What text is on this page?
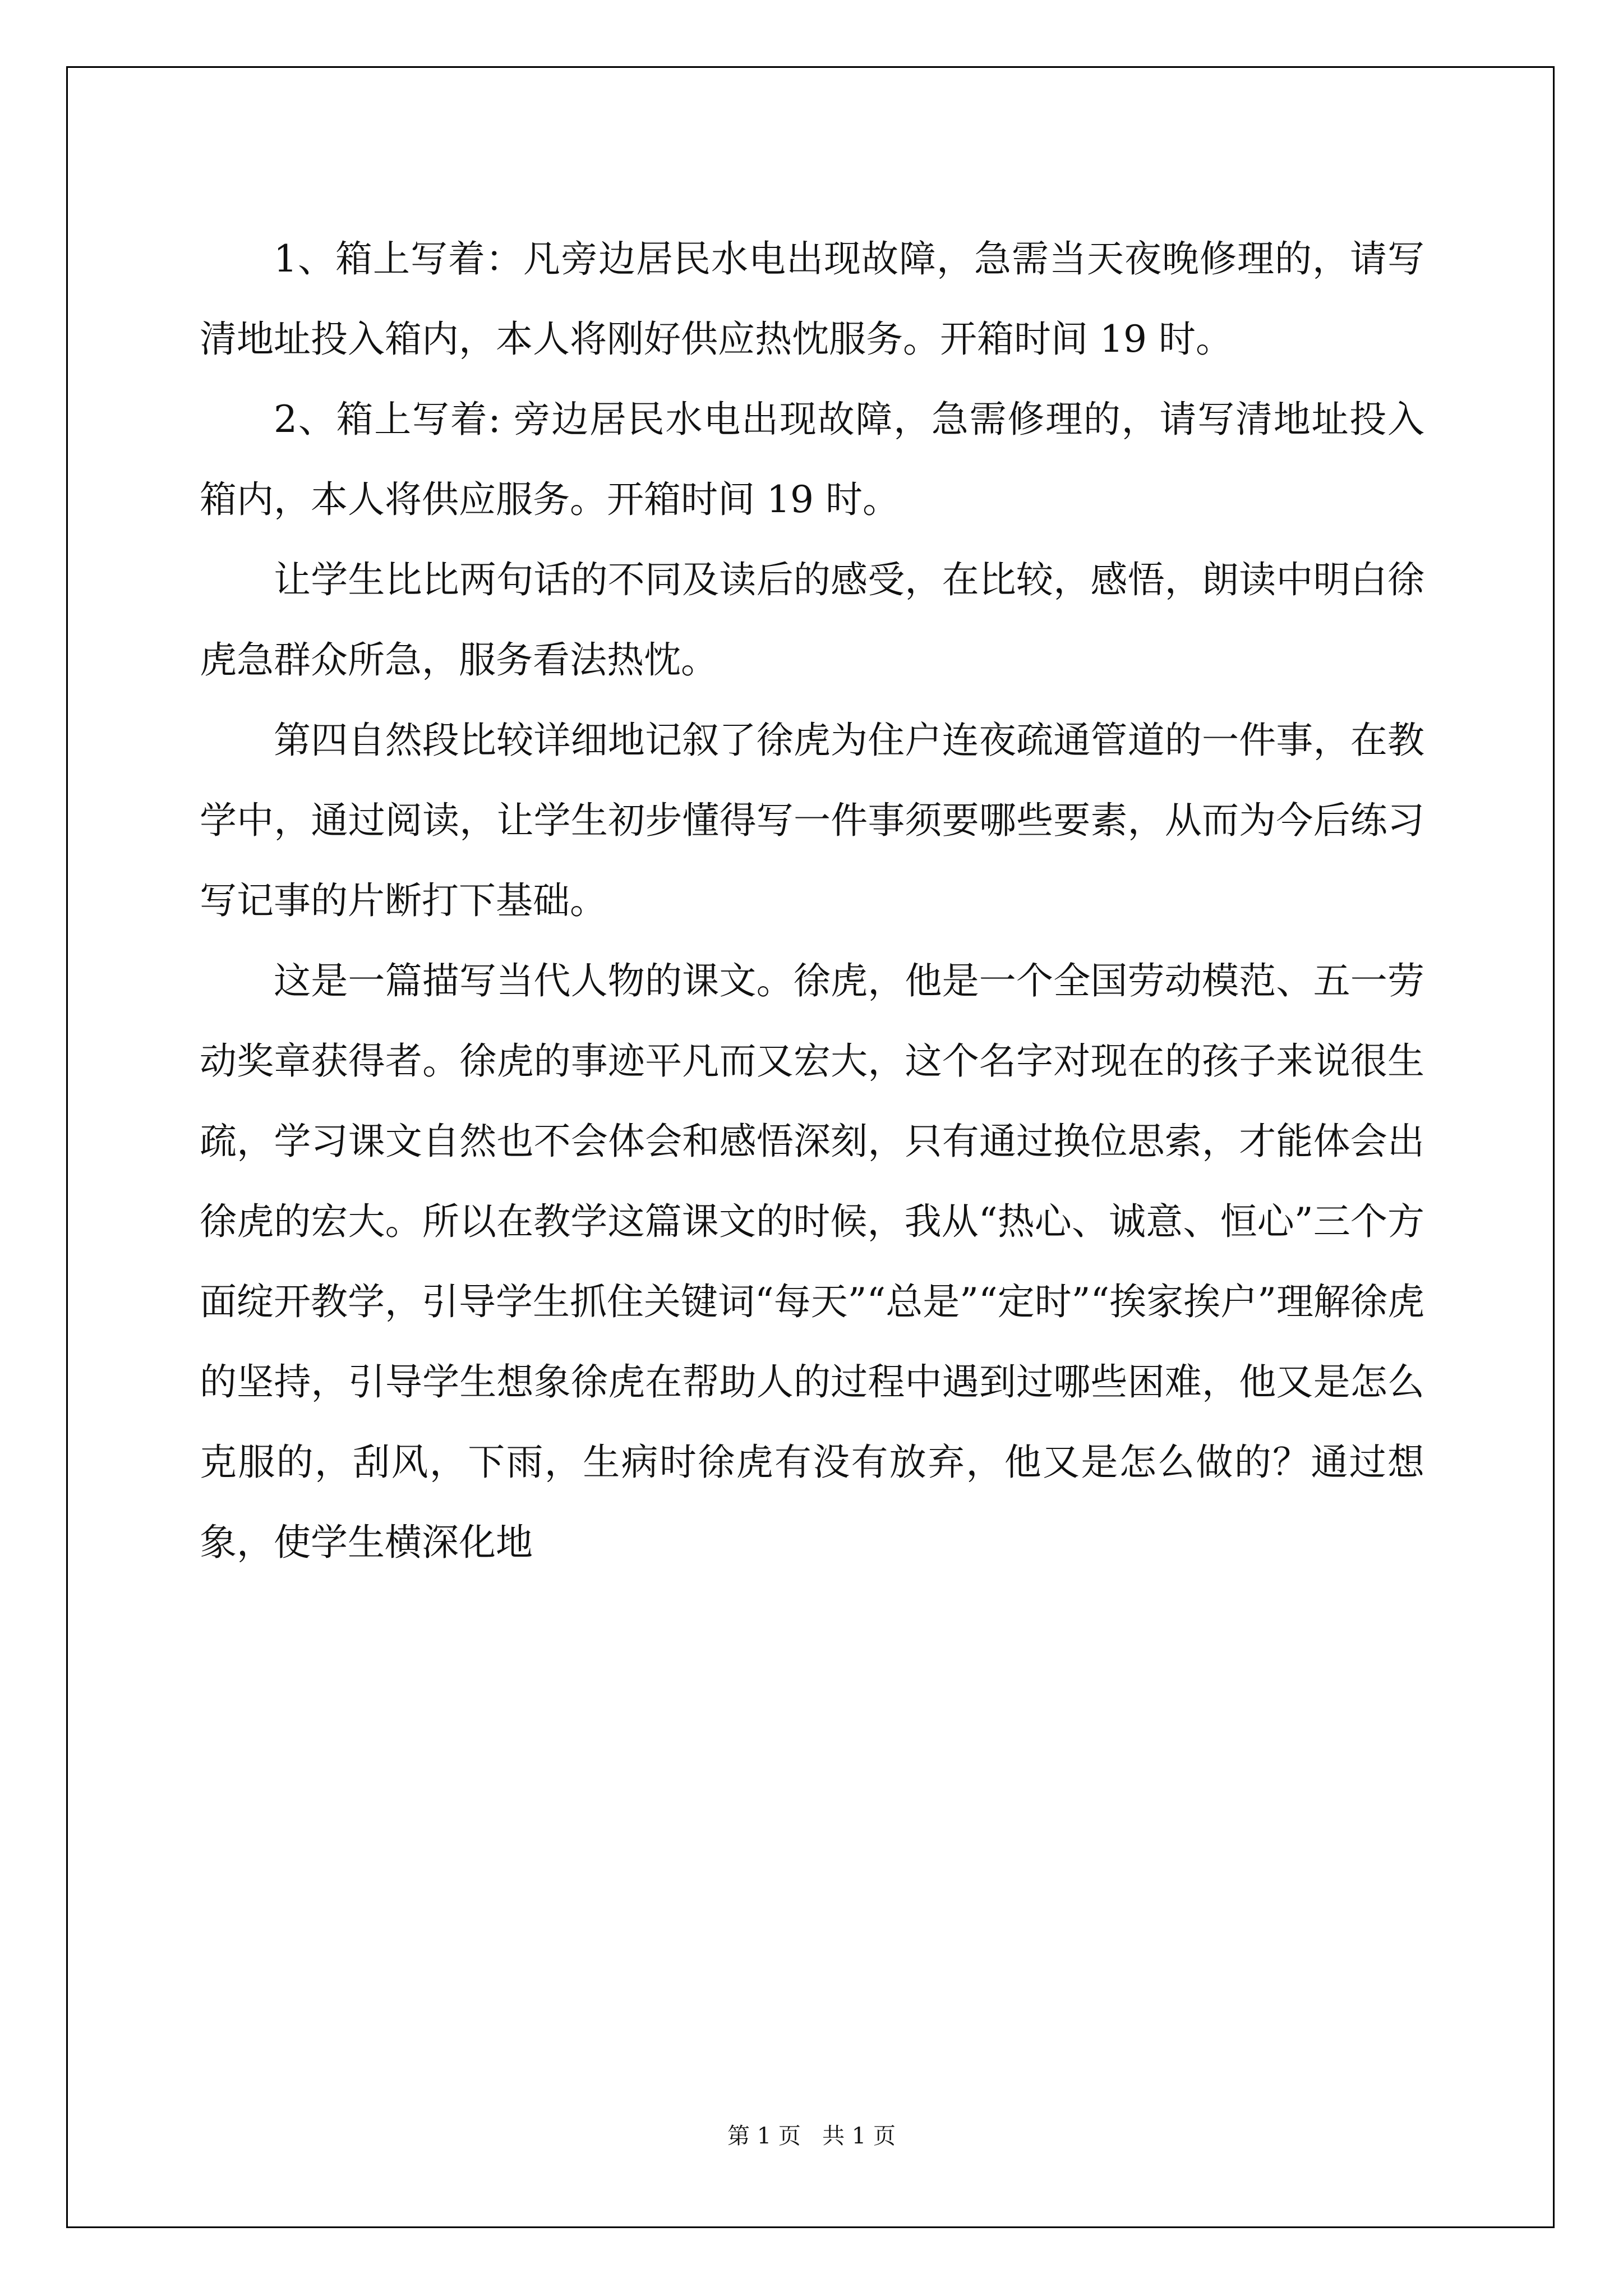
1、箱上写着：凡旁边居民水电出现故障，急需当天夜晚修理的，请写清地址投入箱内，本人将刚好供应热忱服务。开箱时间 19 时。

2、箱上写着: 旁边居民水电出现故障，急需修理的，请写清地址投入箱内，本人将供应服务。开箱时间 19 时。

让学生比比两句话的不同及读后的感受，在比较，感悟，朗读中明白徐虎急群众所急，服务看法热忱。

第四自然段比较详细地记叙了徐虎为住户连夜疏通管道的一件事，在教学中，通过阅读，让学生初步懂得写一件事须要哪些要素，从而为今后练习写记事的片断打下基础。

这是一篇描写当代人物的课文。徐虎，他是一个全国劳动模范、五一劳动奖章获得者。徐虎的事迹平凡而又宏大，这个名字对现在的孩子来说很生疏，学习课文自然也不会体会和感悟深刻，只有通过换位思索，才能体会出徐虎的宏大。所以在教学这篇课文的时候，我从“热心、诚意、恒心”三个方面绽开教学，引导学生抓住关键词“每天”“总是”“定时”“挨家挨户”理解徐虎的坚持，引导学生想象徐虎在帮助人的过程中遇到过哪些困难，他又是怎么克服的，刮风，下雨，生病时徐虎有没有放弃，他又是怎么做的？通过想象，使学生横深化地

第 1 页   共 1 页
